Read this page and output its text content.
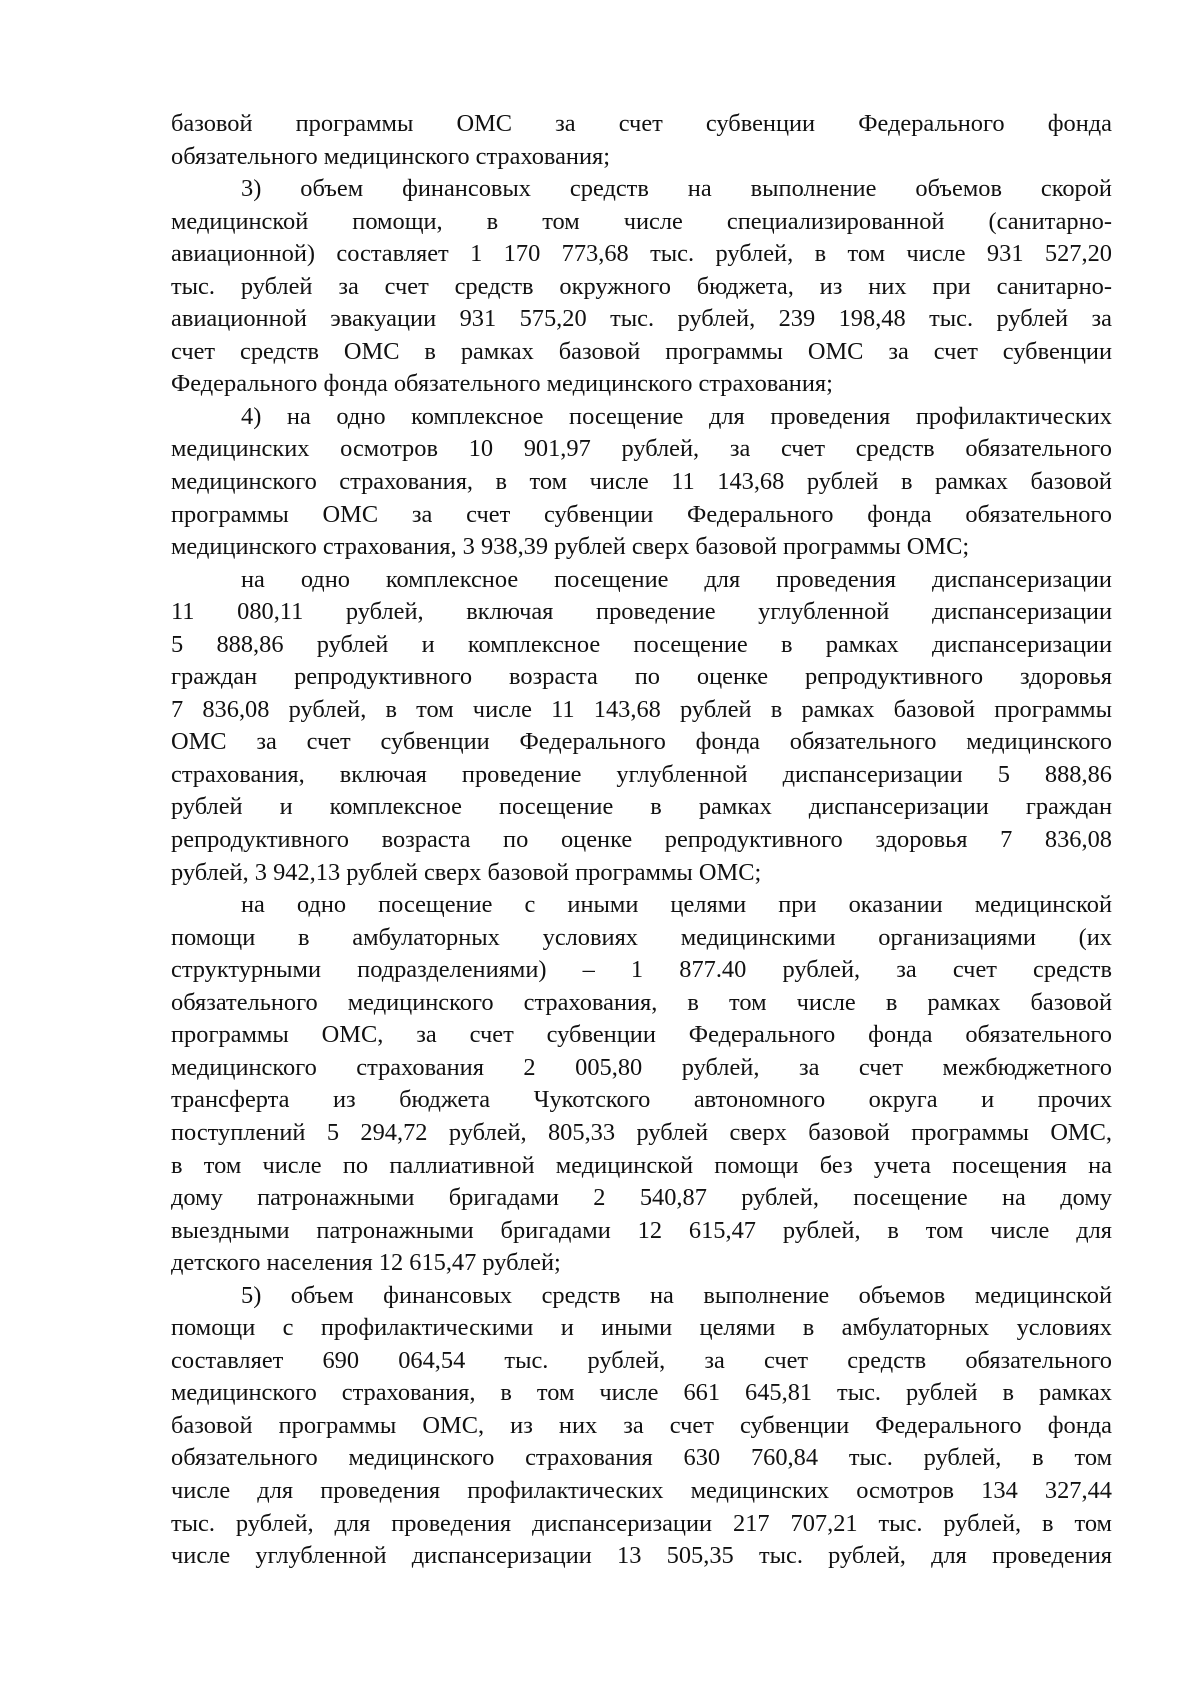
базовой программы ОМС за счет субвенции Федерального фонда
обязательного медицинского страхования;
3) объем финансовых средств на выполнение объемов скорой
медицинской помощи, в том числе специализированной (санитарно-
авиационной) составляет 1 170 773,68 тыс. рублей, в том числе 931 527,20
тыс. рублей за счет средств окружного бюджета, из них при санитарно-
авиационной эвакуации 931 575,20 тыс. рублей, 239 198,48 тыс. рублей за
счет средств ОМС в рамках базовой программы ОМС за счет субвенции
Федерального фонда обязательного медицинского страхования;
4) на одно комплексное посещение для проведения профилактических
медицинских осмотров 10 901,97 рублей, за счет средств обязательного
медицинского страхования, в том числе 11 143,68 рублей в рамках базовой
программы ОМС за счет субвенции Федерального фонда обязательного
медицинского страхования, 3 938,39 рублей сверх базовой программы ОМС;
на одно комплексное посещение для проведения диспансеризации
11 080,11 рублей, включая проведение углубленной диспансеризации
5 888,86 рублей и комплексное посещение в рамках диспансеризации
граждан репродуктивного возраста по оценке репродуктивного здоровья
7 836,08 рублей, в том числе 11 143,68 рублей в рамках базовой программы
ОМС за счет субвенции Федерального фонда обязательного медицинского
страхования, включая проведение углубленной диспансеризации 5 888,86
рублей и комплексное посещение в рамках диспансеризации граждан
репродуктивного возраста по оценке репродуктивного здоровья 7 836,08
рублей, 3 942,13 рублей сверх базовой программы ОМС;
на одно посещение с иными целями при оказании медицинской
помощи в амбулаторных условиях медицинскими организациями (их
структурными подразделениями) – 1 877.40 рублей, за счет средств
обязательного медицинского страхования, в том числе в рамках базовой
программы ОМС, за счет субвенции Федерального фонда обязательного
медицинского страхования 2 005,80 рублей, за счет межбюджетного
трансферта из бюджета Чукотского автономного округа и прочих
поступлений 5 294,72 рублей, 805,33 рублей сверх базовой программы ОМС,
в том числе по паллиативной медицинской помощи без учета посещения на
дому патронажными бригадами 2 540,87 рублей, посещение на дому
выездными патронажными бригадами 12 615,47 рублей, в том числе для
детского населения 12 615,47 рублей;
5) объем финансовых средств на выполнение объемов медицинской
помощи с профилактическими и иными целями в амбулаторных условиях
составляет 690 064,54 тыс. рублей, за счет средств обязательного
медицинского страхования, в том числе 661 645,81 тыс. рублей в рамках
базовой программы ОМС, из них за счет субвенции Федерального фонда
обязательного медицинского страхования 630 760,84 тыс. рублей, в том
числе для проведения профилактических медицинских осмотров 134 327,44
тыс. рублей, для проведения диспансеризации 217 707,21 тыс. рублей, в том
числе углубленной диспансеризации 13 505,35 тыс. рублей, для проведения
